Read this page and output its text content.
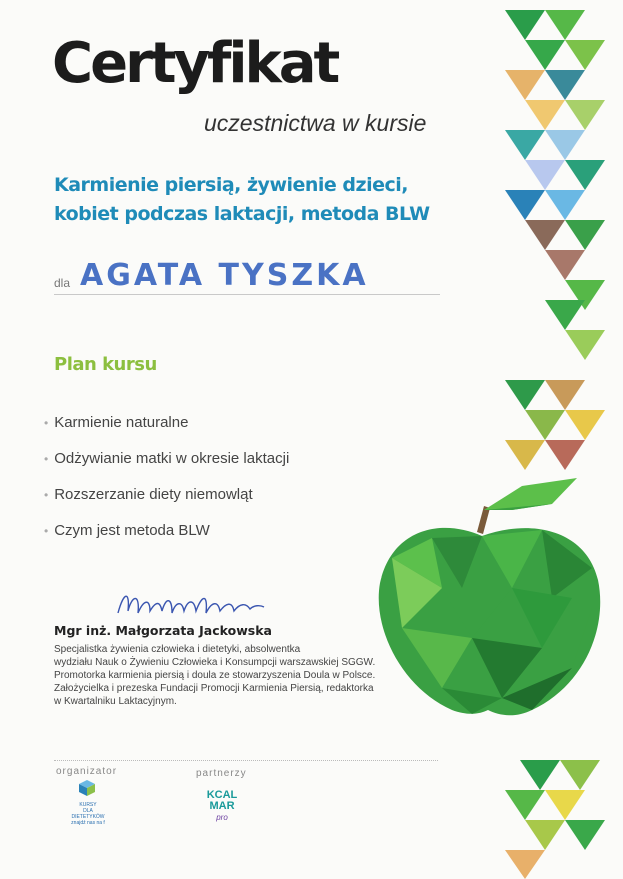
Certyfikat
uczestnictwa w kursie
Karmienie piersią, żywienie dzieci,
kobiet podczas laktacji, metoda BLW
dla AGATA TYSZKA
Plan kursu
• Karmienie naturalne
• Odżywianie matki w okresie laktacji
• Rozszerzanie diety niemowląt
• Czym jest metoda BLW
Mgr inż. Małgorzata Jackowska

Specjalistka żywienia człowieka i dietetyki, absolwentka
wydziału Nauk o Żywieniu Człowieka i Konsumpcji warszawskiej SGGW.
Promotorka karmienia piersią i doula ze stowarzyszenia Doula w Polsce.
Założycielka i prezeska Fundacji Promocji Karmienia Piersią, redaktorka
w Kwartalniku Laktacyjnym.

organizator	partnerzy
KURSY
DLA
DIETETYKÓW
znajdź nas na f
KCAL
MAR
pro
